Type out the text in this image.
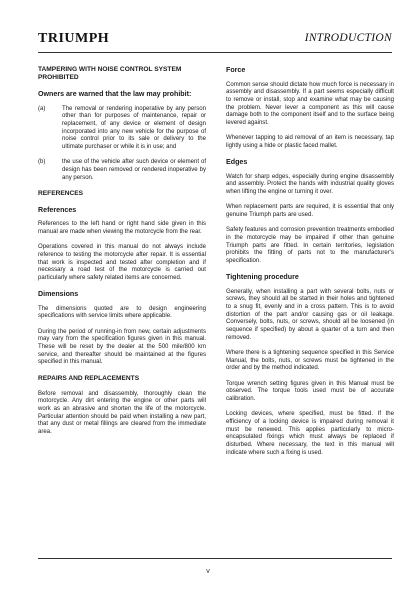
TRIUMPH	INTRODUCTION
TAMPERING WITH NOISE CONTROL SYSTEM PROHIBITED
Owners are warned that the law may prohibit:
(a)	The removal or rendering inoperative by any person other than for purposes of maintenance, repair or replacement, of any device or element of design incorporated into any new vehicle for the purpose of noise control prior to its sale or delivery to the ultimate purchaser or while it is in use; and
(b)	the use of the vehicle after such device or element of design has been removed or rendered inoperative by any person.
REFERENCES
References
References to the left hand or right hand side given in this manual are made when viewing the motorcycle from the rear.
Operations covered in this manual do not always include reference to testing the motorcycle after repair. It is essential that work is inspected and tested after completion and if necessary a road test of the motorcycle is carried out particularly where safety related items are concerned.
Dimensions
The dimensions quoted are to design engineering specifications with service limits where applicable.
During the period of running-in from new, certain adjustments may vary from the specification figures given in this manual. These will be reset by the dealer at the 500 mile/800 km service, and thereafter should be maintained at the figures specified in this manual.
REPAIRS AND REPLACEMENTS
Before removal and disassembly, thoroughly clean the motorcycle. Any dirt entering the engine or other parts will work as an abrasive and shorten the life of the motorcycle. Particular attention should be paid when installing a new part, that any dust or metal fillings are cleared from the immediate area.
Force
Common sense should dictate how much force is necessary in assembly and disassembly. If a part seems especially difficult to remove or install, stop and examine what may be causing the problem. Never lever a component as this will cause damage both to the component itself and to the surface being levered against.
Whenever tapping to aid removal of an item is necessary, tap lightly using a hide or plastic faced mallet.
Edges
Watch for sharp edges, especially during engine disassembly and assembly. Protect the hands with industrial quality gloves when lifting the engine or turning it over.
When replacement parts are required, it is essential that only genuine Triumph parts are used.
Safety features and corrosion prevention treatments embodied in the motorcycle may be impaired if other than genuine Triumph parts are fitted. In certain territories, legislation prohibits the fitting of parts not to the manufacturer's specification.
Tightening procedure
Generally, when installing a part with several bolts, nuts or screws, they should all be started in their holes and tightened to a snug fit, evenly and in a cross pattern. This is to avoid distortion of the part and/or causing gas or oil leakage. Conversely, bolts, nuts, or screws, should all be loosened (in sequence if specified) by about a quarter of a turn and then removed.
Where there is a tightening sequence specified in this Service Manual, the bolts, nuts, or screws must be tightened in the order and by the method indicated.
Torque wrench setting figures given in this Manual must be observed. The torque tools used must be of accurate calibration.
Locking devices, where specified, must be fitted. If the efficiency of a locking device is impaired during removal it must be renewed. This applies particularly to micro-encapsulated fixings which must always be replaced if disturbed. Where necessary, the text in this manual will indicate where such a fixing is used.
v
